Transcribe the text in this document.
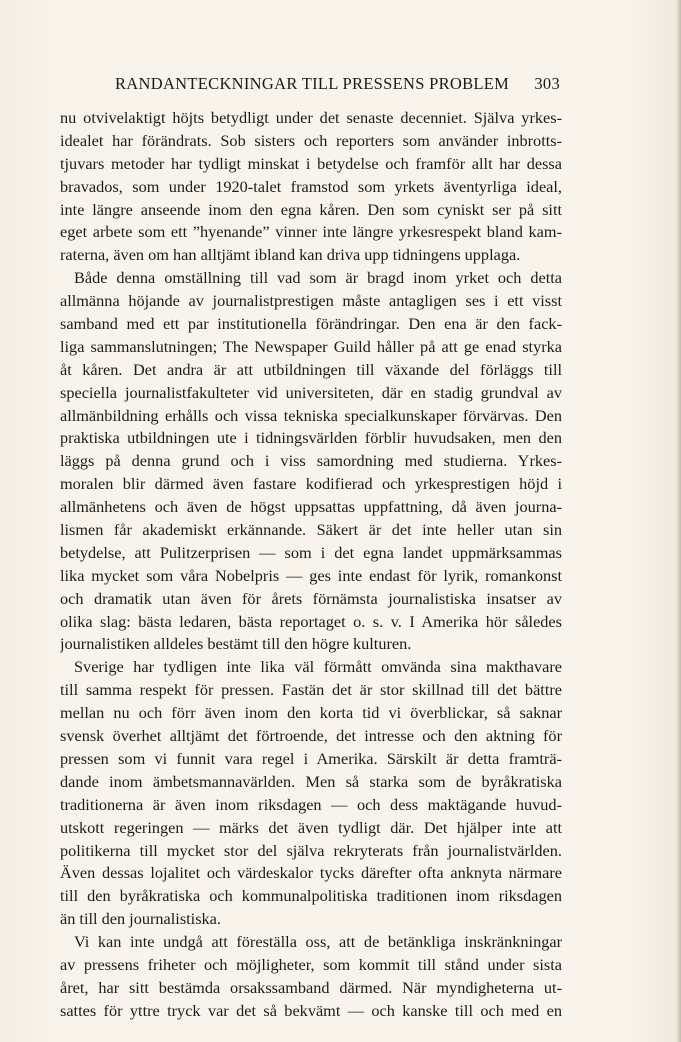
RANDANTECKNINGAR TILL PRESSENS PROBLEM 303
nu otvivelaktigt höjts betydligt under det senaste decenniet. Själva yrkes-
idealet har förändrats. Sob sisters och reporters som använder inbrotts-
tjuvars metoder har tydligt minskat i betydelse och framför allt har dessa
bravados, som under 1920-talet framstod som yrkets äventyrliga ideal,
inte längre anseende inom den egna kåren. Den som cyniskt ser på sitt
eget arbete som ett ”hyenande” vinner inte längre yrkesrespekt bland kam-
raterna, även om han alltjämt ibland kan driva upp tidningens upplaga.
Både denna omställning till vad som är bragd inom yrket och detta
allmänna höjande av journalistprestigen måste antagligen ses i ett visst
samband med ett par institutionella förändringar. Den ena är den fack-
liga sammanslutningen; The Newspaper Guild håller på att ge enad styrka
åt kåren. Det andra är att utbildningen till växande del förläggs till
speciella journalistfakulteter vid universiteten, där en stadig grundval av
allmänbildning erhålls och vissa tekniska specialkunskaper förvärvas. Den
praktiska utbildningen ute i tidningsvärlden förblir huvudsaken, men den
läggs på denna grund och i viss samordning med studierna. Yrkes-
moralen blir därmed även fastare kodifierad och yrkesprestigen höjd i
allmänhetens och även de högst uppsattas uppfattning, då även journa-
lismen får akademiskt erkännande. Säkert är det inte heller utan sin
betydelse, att Pulitzerprisen — som i det egna landet uppmärksammas
lika mycket som våra Nobelpris — ges inte endast för lyrik, romankonst
och dramatik utan även för årets förnämsta journalistiska insatser av
olika slag: bästa ledaren, bästa reportaget o. s. v. I Amerika hör således
journalistiken alldeles bestämt till den högre kulturen.
Sverige har tydligen inte lika väl förmått omvända sina makthavare
till samma respekt för pressen. Fastän det är stor skillnad till det bättre
mellan nu och förr även inom den korta tid vi överblickar, så saknar
svensk överhet alltjämt det förtroende, det intresse och den aktning för
pressen som vi funnit vara regel i Amerika. Särskilt är detta framträ-
dande inom ämbetsmannavärlden. Men så starka som de byråkratiska
traditionerna är även inom riksdagen — och dess maktägande huvud-
utskott regeringen — märks det även tydligt där. Det hjälper inte att
politikerna till mycket stor del själva rekryterats från journalistvärlden.
Även dessas lojalitet och värdeskalor tycks därefter ofta anknyta närmare
till den byråkratiska och kommunalpolitiska traditionen inom riksdagen
än till den journalistiska.
Vi kan inte undgå att föreställa oss, att de betänkliga inskränkningar
av pressens friheter och möjligheter, som kommit till stånd under sista
året, har sitt bestämda orsakssamband därmed. När myndigheterna ut-
sattes för yttre tryck var det så bekvämt — och kanske till och med en
